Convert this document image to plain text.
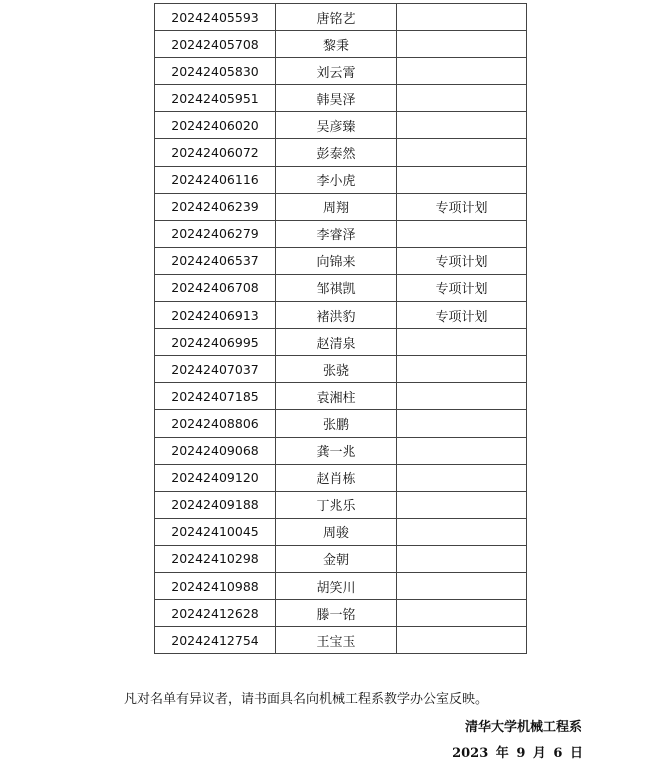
20242405593	唐铭艺	
20242405708	黎秉	
20242405830	刘云霄	
20242405951	韩昊泽	
20242406020	吴彦臻	
20242406072	彭泰然	
20242406116	李小虎	
20242406239	周翔	专项计划
20242406279	李睿泽	
20242406537	向锦来	专项计划
20242406708	邹祺凯	专项计划
20242406913	褚洪豹	专项计划
20242406995	赵清泉	
20242407037	张骁	
20242407185	袁湘柱	
20242408806	张鹏	
20242409068	龚一兆	
20242409120	赵肖栋	
20242409188	丁兆乐	
20242410045	周骏	
20242410298	金朝	
20242410988	胡笑川	
20242412628	滕一铭	
20242412754	王宝玉	
凡对名单有异议者，请书面具名向机械工程系教学办公室反映。
清华大学机械工程系
2023 年 9 月 6 日
